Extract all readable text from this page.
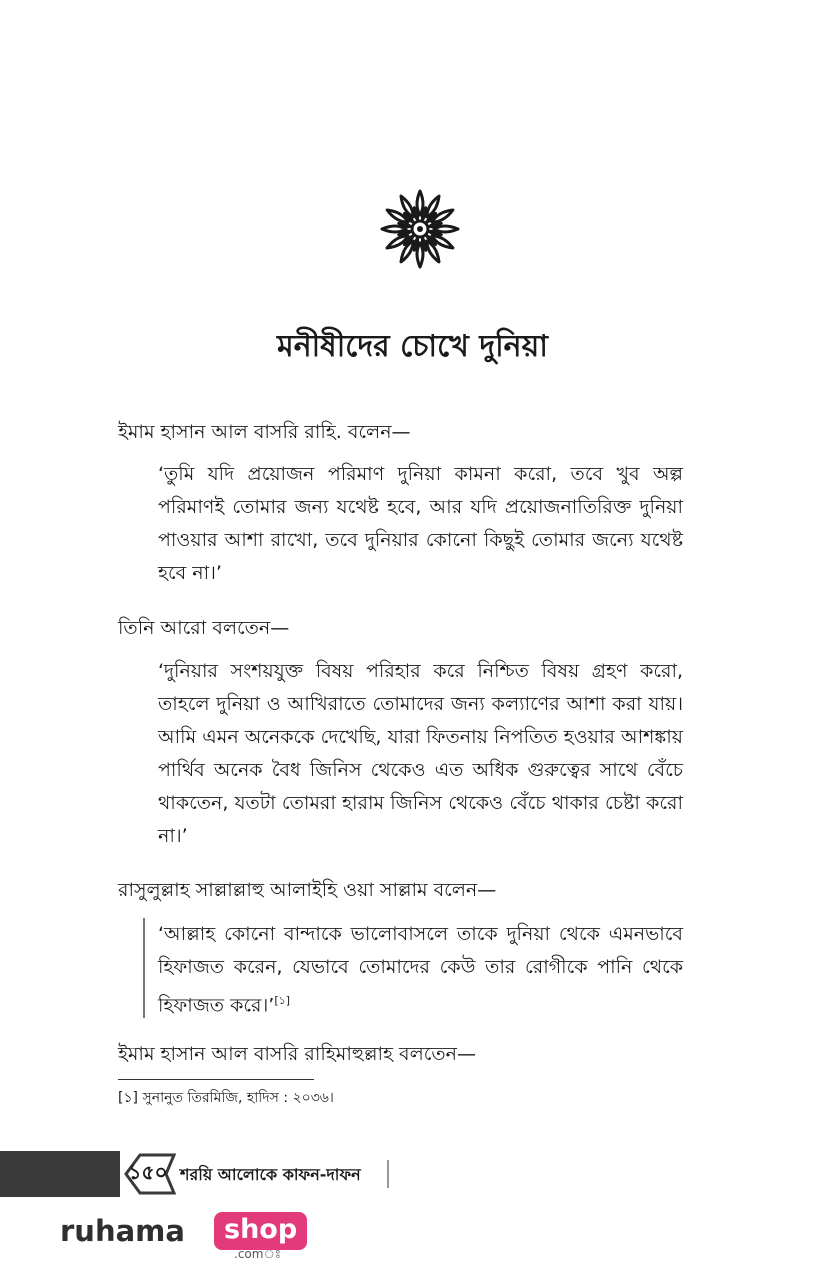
মনীষীদের চোখে দুনিয়া

ইমাম হাসান আল বাসরি রাহি. বলেন—

‘তুমি যদি প্রয়োজন পরিমাণ দুনিয়া কামনা করো, তবে খুব অল্প পরিমাণই তোমার জন্য যথেষ্ট হবে, আর যদি প্রয়োজনাতিরিক্ত দুনিয়া পাওয়ার আশা রাখো, তবে দুনিয়ার কোনো কিছুই তোমার জন্যে যথেষ্ট হবে না।’

তিনি আরো বলতেন—

‘দুনিয়ার সংশয়যুক্ত বিষয় পরিহার করে নিশ্চিত বিষয় গ্রহণ করো, তাহলে দুনিয়া ও আখিরাতে তোমাদের জন্য কল্যাণের আশা করা যায়। আমি এমন অনেককে দেখেছি, যারা ফিতনায় নিপতিত হওয়ার আশঙ্কায় পার্থিব অনেক বৈধ জিনিস থেকেও এত অধিক গুরুত্বের সাথে বেঁচে থাকতেন, যতটা তোমরা হারাম জিনিস থেকেও বেঁচে থাকার চেষ্টা করো না।’

রাসুলুল্লাহ সাল্লাল্লাহু আলাইহি ওয়া সাল্লাম বলেন—

‘আল্লাহ কোনো বান্দাকে ভালোবাসলে তাকে দুনিয়া থেকে এমনভাবে হিফাজত করেন, যেভাবে তোমাদের কেউ তার রোগীকে পানি থেকে হিফাজত করে।’[১]

ইমাম হাসান আল বাসরি রাহিমাহুল্লাহ বলতেন—

[১] সুনানুত তিরমিজি, হাদিস : ২০৩৬।

১৫০ শরয়ি আলোকে কাফন-দাফন

ruhama	shop
.comঃ
